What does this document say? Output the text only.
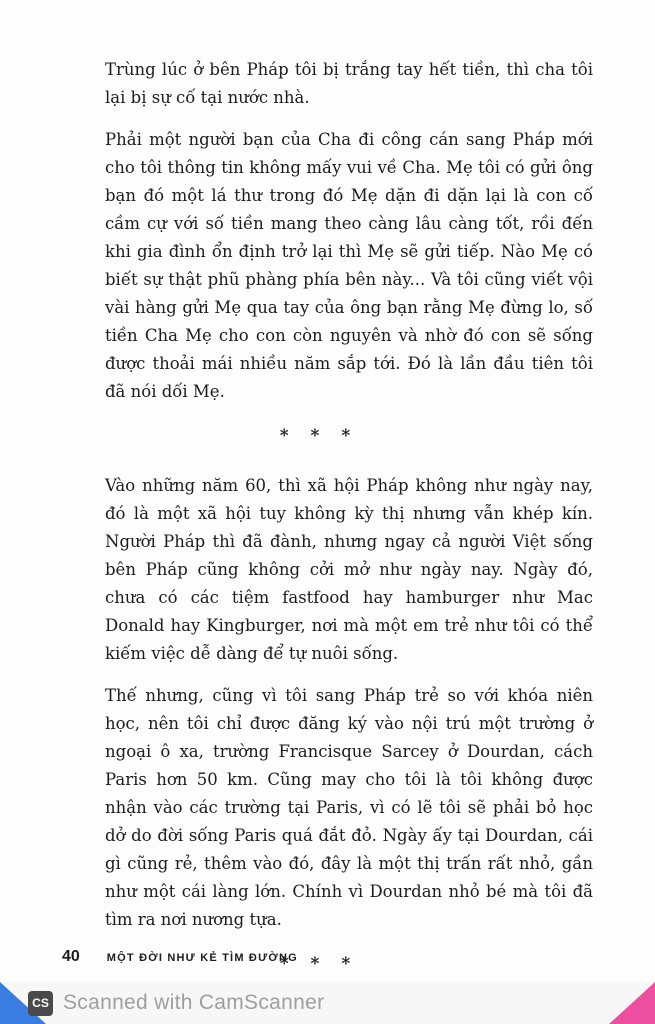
Trùng lúc ở bên Pháp tôi bị trắng tay hết tiền, thì cha tôi lại bị sự cố tại nước nhà.

Phải một người bạn của Cha đi công cán sang Pháp mới cho tôi thông tin không mấy vui về Cha. Mẹ tôi có gửi ông bạn đó một lá thư trong đó Mẹ dặn đi dặn lại là con cố cầm cự với số tiền mang theo càng lâu càng tốt, rồi đến khi gia đình ổn định trở lại thì Mẹ sẽ gửi tiếp. Nào Mẹ có biết sự thật phũ phàng phía bên này... Và tôi cũng viết vội vài hàng gửi Mẹ qua tay của ông bạn rằng Mẹ đừng lo, số tiền Cha Mẹ cho con còn nguyên và nhờ đó con sẽ sống được thoải mái nhiều năm sắp tới. Đó là lần đầu tiên tôi đã nói dối Mẹ.

* * *

Vào những năm 60, thì xã hội Pháp không như ngày nay, đó là một xã hội tuy không kỳ thị nhưng vẫn khép kín. Người Pháp thì đã đành, nhưng ngay cả người Việt sống bên Pháp cũng không cởi mở như ngày nay. Ngày đó, chưa có các tiệm fastfood hay hamburger như Mac Donald hay Kingburger, nơi mà một em trẻ như tôi có thể kiếm việc dễ dàng để tự nuôi sống.

Thế nhưng, cũng vì tôi sang Pháp trẻ so với khóa niên học, nên tôi chỉ được đăng ký vào nội trú một trường ở ngoại ô xa, trường Francisque Sarcey ở Dourdan, cách Paris hơn 50 km. Cũng may cho tôi là tôi không được nhận vào các trường tại Paris, vì có lẽ tôi sẽ phải bỏ học dở do đời sống Paris quá đắt đỏ. Ngày ấy tại Dourdan, cái gì cũng rẻ, thêm vào đó, đây là một thị trấn rất nhỏ, gần như một cái làng lớn. Chính vì Dourdan nhỏ bé mà tôi đã tìm ra nơi nương tựa.

* * *
40 MỘT ĐỜI NHƯ KẺ TÌM ĐƯỜNG
CS Scanned with CamScanner
